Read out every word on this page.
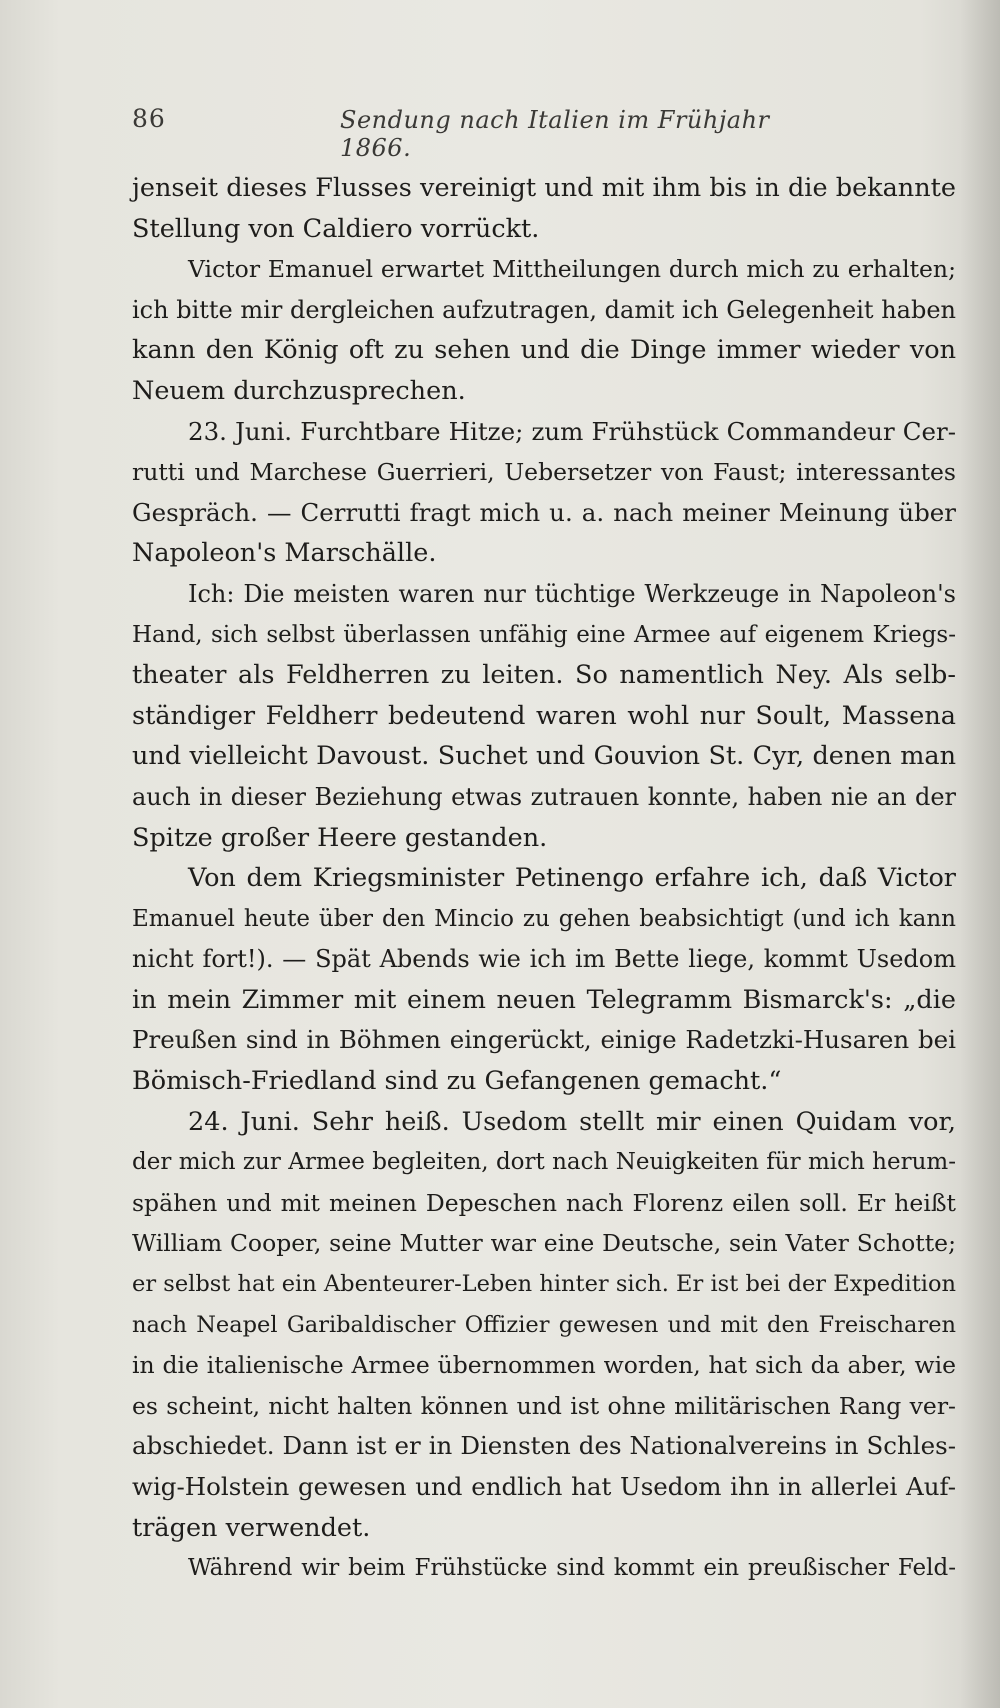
86	Sendung nach Italien im Frühjahr 1866.
jenseit dieses Flusses vereinigt und mit ihm bis in die bekannte
Stellung von Caldiero vorrückt.
Victor Emanuel erwartet Mittheilungen durch mich zu erhalten;
ich bitte mir dergleichen aufzutragen, damit ich Gelegenheit haben
kann den König oft zu sehen und die Dinge immer wieder von
Neuem durchzusprechen.
23. Juni. Furchtbare Hitze; zum Frühstück Commandeur Cer-
rutti und Marchese Guerrieri, Uebersetzer von Faust; interessantes
Gespräch. — Cerrutti fragt mich u. a. nach meiner Meinung über
Napoleon's Marschälle.
Ich: Die meisten waren nur tüchtige Werkzeuge in Napoleon's
Hand, sich selbst überlassen unfähig eine Armee auf eigenem Kriegs-
theater als Feldherren zu leiten. So namentlich Ney. Als selb-
ständiger Feldherr bedeutend waren wohl nur Soult, Massena
und vielleicht Davoust. Suchet und Gouvion St. Cyr, denen man
auch in dieser Beziehung etwas zutrauen konnte, haben nie an der
Spitze großer Heere gestanden.
Von dem Kriegsminister Petinengo erfahre ich, daß Victor
Emanuel heute über den Mincio zu gehen beabsichtigt (und ich kann
nicht fort!). — Spät Abends wie ich im Bette liege, kommt Usedom
in mein Zimmer mit einem neuen Telegramm Bismarck's: „die
Preußen sind in Böhmen eingerückt, einige Radetzki-Husaren bei
Bömisch-Friedland sind zu Gefangenen gemacht.“
24. Juni. Sehr heiß. Usedom stellt mir einen Quidam vor,
der mich zur Armee begleiten, dort nach Neuigkeiten für mich herum-
spähen und mit meinen Depeschen nach Florenz eilen soll. Er heißt
William Cooper, seine Mutter war eine Deutsche, sein Vater Schotte;
er selbst hat ein Abenteurer-Leben hinter sich. Er ist bei der Expedition
nach Neapel Garibaldischer Offizier gewesen und mit den Freischaren
in die italienische Armee übernommen worden, hat sich da aber, wie
es scheint, nicht halten können und ist ohne militärischen Rang ver-
abschiedet. Dann ist er in Diensten des Nationalvereins in Schles-
wig-Holstein gewesen und endlich hat Usedom ihn in allerlei Auf-
trägen verwendet.
Während wir beim Frühstücke sind kommt ein preußischer Feld-
